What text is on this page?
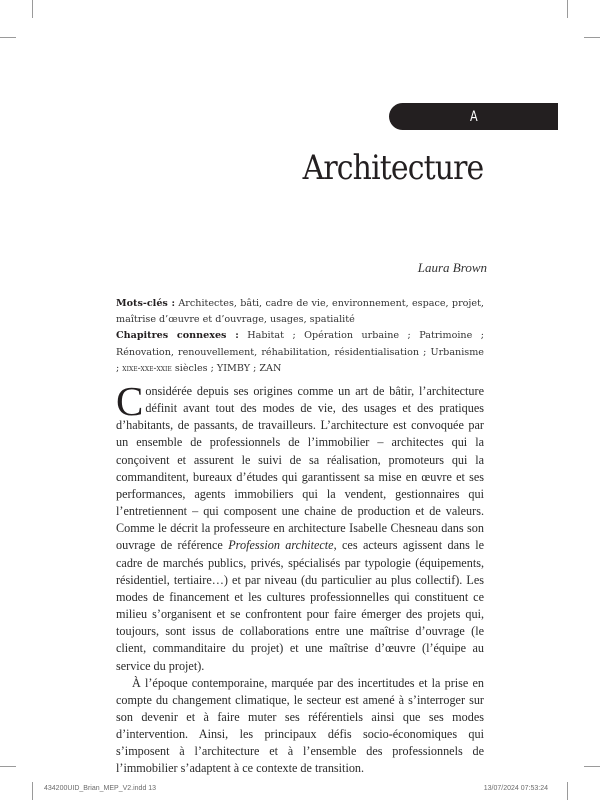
A
Architecture
Laura Brown

Mots-clés : Architectes, bâti, cadre de vie, environnement, espace, projet, maîtrise d’œuvre et d’ouvrage, usages, spatialité

Chapitres connexes : Habitat ; Opération urbaine ; Patrimoine ; Rénovation, renouvellement, réhabilitation, résidentialisation ; Urbanisme ; xixe-xxe-xxie siècles ; YIMBY ; ZAN

Considérée depuis ses origines comme un art de bâtir, l’architecture définit avant tout des modes de vie, des usages et des pratiques d’habitants, de passants, de travailleurs. L’architecture est convoquée par un ensemble de professionnels de l’immobilier – architectes qui la conçoivent et assurent le suivi de sa réalisation, promoteurs qui la commanditent, bureaux d’études qui garantissent sa mise en œuvre et ses performances, agents immobiliers qui la vendent, gestionnaires qui l’entretiennent – qui composent une chaine de production et de valeurs. Comme le décrit la professeure en architecture Isabelle Chesneau dans son ouvrage de référence Profession architecte, ces acteurs agissent dans le cadre de marchés publics, privés, spécialisés par typologie (équipements, résidentiel, tertiaire…) et par niveau (du particulier au plus collectif). Les modes de financement et les cultures professionnelles qui constituent ce milieu s’organisent et se confrontent pour faire émerger des projets qui, toujours, sont issus de collaborations entre une maîtrise d’ouvrage (le client, commanditaire du projet) et une maîtrise d’œuvre (l’équipe au service du projet).

À l’époque contemporaine, marquée par des incertitudes et la prise en compte du changement climatique, le secteur est amené à s’interroger sur son devenir et à faire muter ses référentiels ainsi que ses modes d’intervention. Ainsi, les principaux défis socio-économiques qui s’imposent à l’architecture et à l’ensemble des professionnels de l’immobilier s’adaptent à ce contexte de transition.

434200UID_Brian_MEP_V2.indd 13	13/07/2024 07:53:24
